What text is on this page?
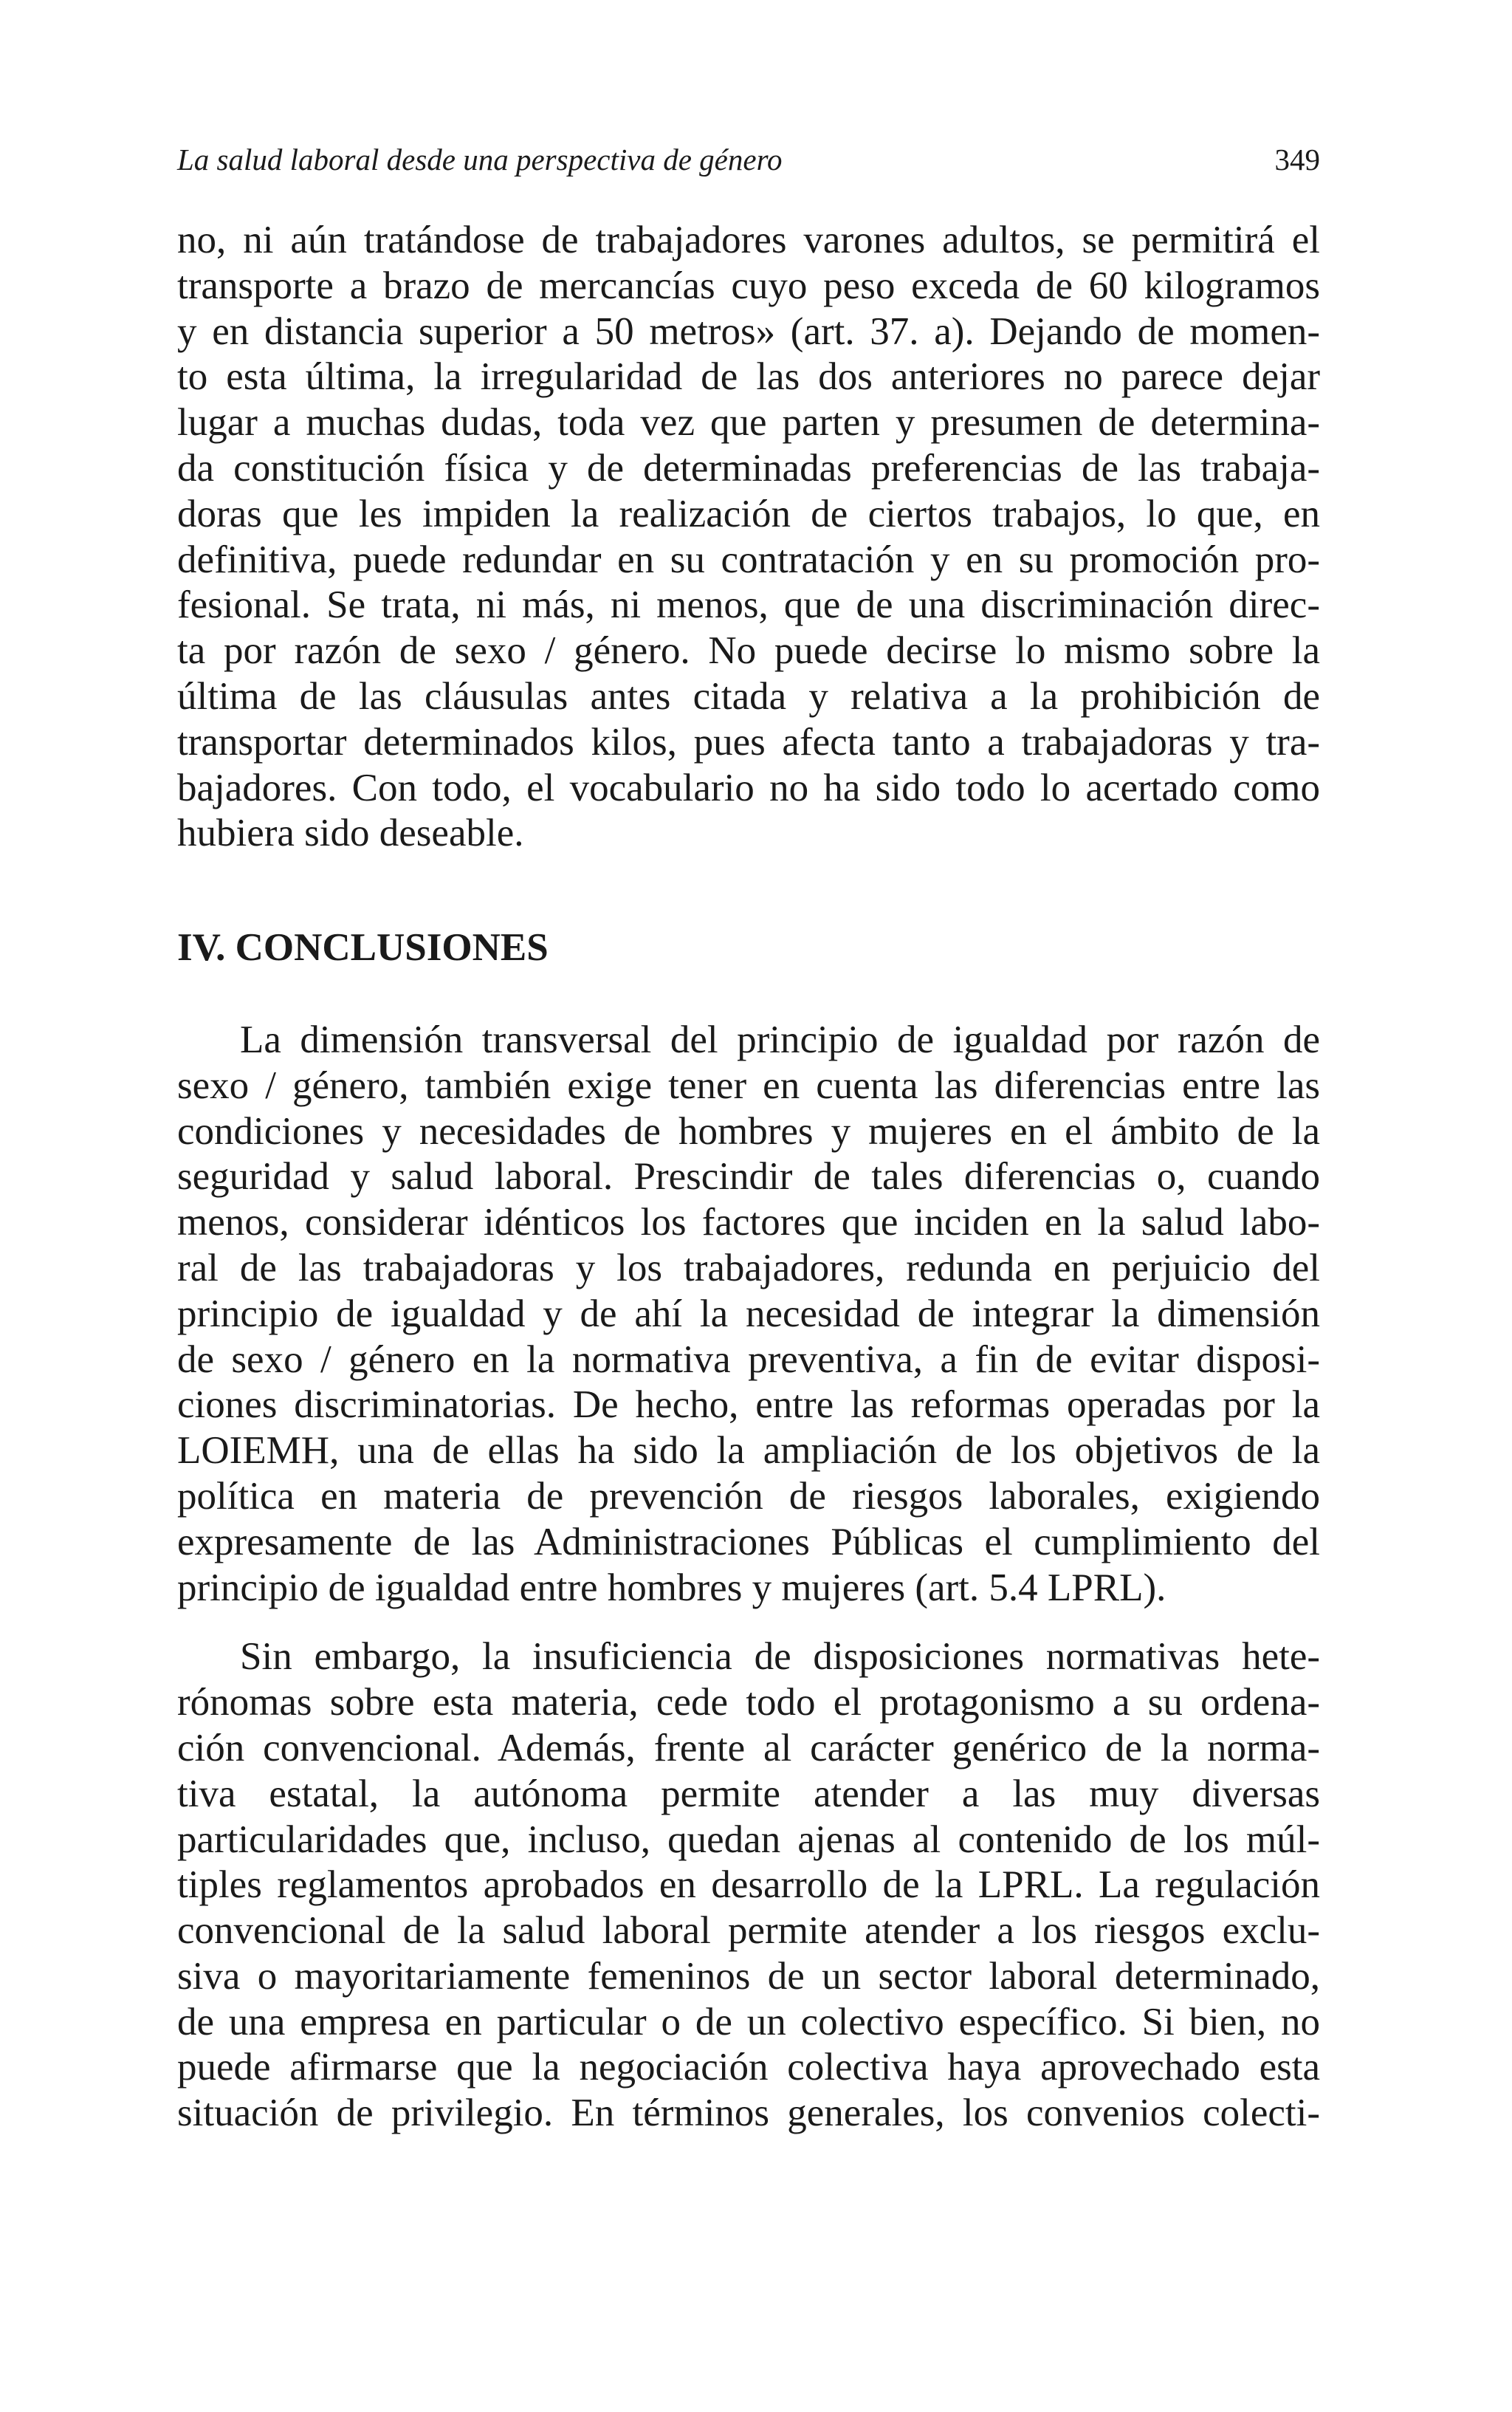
La salud laboral desde una perspectiva de género	349
no, ni aún tratándose de trabajadores varones adultos, se permitirá el
transporte a brazo de mercancías cuyo peso exceda de 60 kilogramos
y en distancia superior a 50 metros» (art. 37. a). Dejando de momen-
to esta última, la irregularidad de las dos anteriores no parece dejar
lugar a muchas dudas, toda vez que parten y presumen de determina-
da constitución física y de determinadas preferencias de las trabaja-
doras que les impiden la realización de ciertos trabajos, lo que, en
definitiva, puede redundar en su contratación y en su promoción pro-
fesional. Se trata, ni más, ni menos, que de una discriminación direc-
ta por razón de sexo / género. No puede decirse lo mismo sobre la
última de las cláusulas antes citada y relativa a la prohibición de
transportar determinados kilos, pues afecta tanto a trabajadoras y tra-
bajadores. Con todo, el vocabulario no ha sido todo lo acertado como
hubiera sido deseable.
IV. CONCLUSIONES
La dimensión transversal del principio de igualdad por razón de
sexo / género, también exige tener en cuenta las diferencias entre las
condiciones y necesidades de hombres y mujeres en el ámbito de la
seguridad y salud laboral. Prescindir de tales diferencias o, cuando
menos, considerar idénticos los factores que inciden en la salud labo-
ral de las trabajadoras y los trabajadores, redunda en perjuicio del
principio de igualdad y de ahí la necesidad de integrar la dimensión
de sexo / género en la normativa preventiva, a fin de evitar disposi-
ciones discriminatorias. De hecho, entre las reformas operadas por la
LOIEMH, una de ellas ha sido la ampliación de los objetivos de la
política en materia de prevención de riesgos laborales, exigiendo
expresamente de las Administraciones Públicas el cumplimiento del
principio de igualdad entre hombres y mujeres (art. 5.4 LPRL).
Sin embargo, la insuficiencia de disposiciones normativas hete-
rónomas sobre esta materia, cede todo el protagonismo a su ordena-
ción convencional. Además, frente al carácter genérico de la norma-
tiva estatal, la autónoma permite atender a las muy diversas
particularidades que, incluso, quedan ajenas al contenido de los múl-
tiples reglamentos aprobados en desarrollo de la LPRL. La regulación
convencional de la salud laboral permite atender a los riesgos exclu-
siva o mayoritariamente femeninos de un sector laboral determinado,
de una empresa en particular o de un colectivo específico. Si bien, no
puede afirmarse que la negociación colectiva haya aprovechado esta
situación de privilegio. En términos generales, los convenios colecti-
